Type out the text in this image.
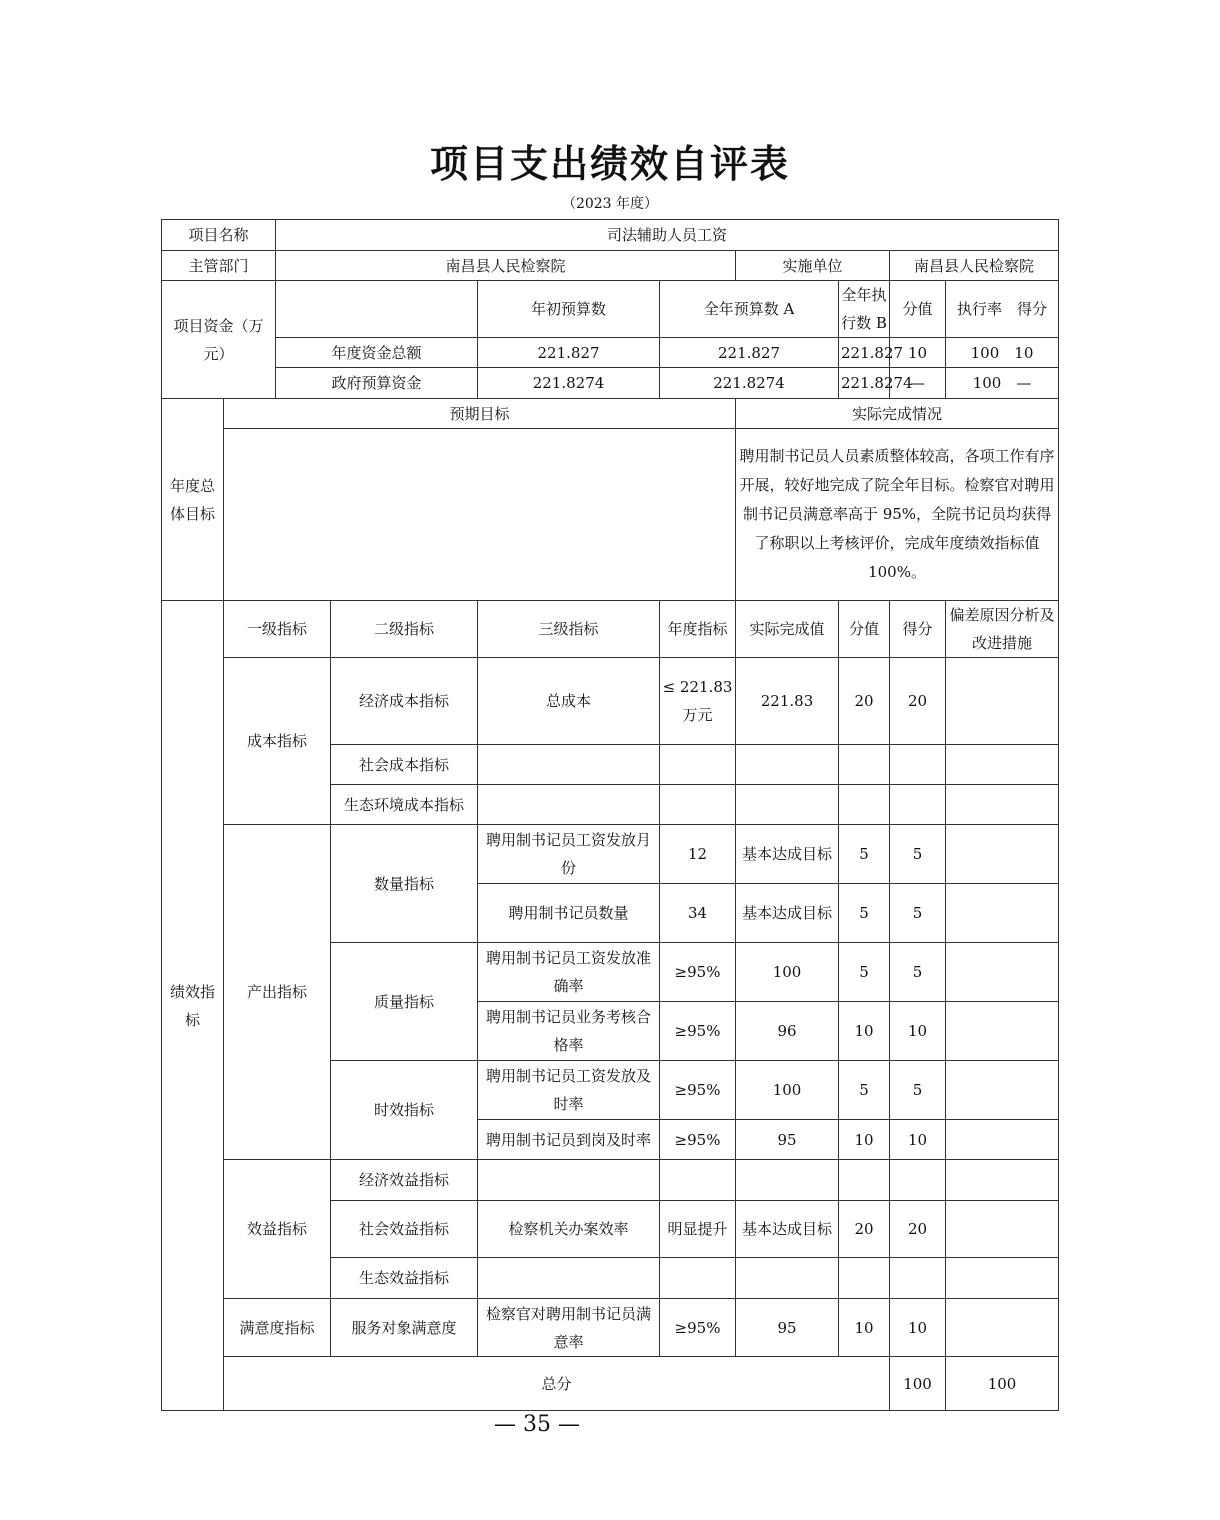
项目支出绩效自评表
（2023 年度）
项目名称		司法辅助人员工资								
主管部门		南昌县人民检察院				实施单位		南昌县人民检察院		
项目资金（万元）				年初预算数	全年预算数 A		全年执行数 B	分值	执行率　 得分	
		年度资金总额		221.827	221.827		221.827	10	100　 10	
		政府预算资金		221.8274	221.8274		221.8274	—	100　 —	
年度总体目标	预期目标					实际完成情况				
						聘用制书记员人员素质整体较高，各项工作有序开展，较好地完成了院全年目标。检察官对聘用制书记员满意率高于 95%，全院书记员均获得了称职以上考核评价，完成年度绩效指标值 100%。				
绩效指标	一级指标		二级指标	三级指标	年度指标	实际完成值	分值	得分	偏差原因分析及改进措施	
	成本指标		经济成本指标	总成本	≤ 221.83 万元	221.83	20	20		
			社会成本指标							
			生态环境成本指标							
	产出指标		数量指标	聘用制书记员工资发放月份	12	基本达成目标	5	5		
				聘用制书记员数量	34	基本达成目标	5	5		
			质量指标	聘用制书记员工资发放准确率	≥95%	100	5	5		
				聘用制书记员业务考核合格率	≥95%	96	10	10		
			时效指标	聘用制书记员工资发放及时率	≥95%	100	5	5		
				聘用制书记员到岗及时率	≥95%	95	10	10		
	效益指标		经济效益指标							
			社会效益指标	检察机关办案效率	明显提升	基本达成目标	20	20		
			生态效益指标							
	满意度指标		服务对象满意度	检察官对聘用制书记员满意率	≥95%	95	10	10		
	总分							100	100	
— 35 —
